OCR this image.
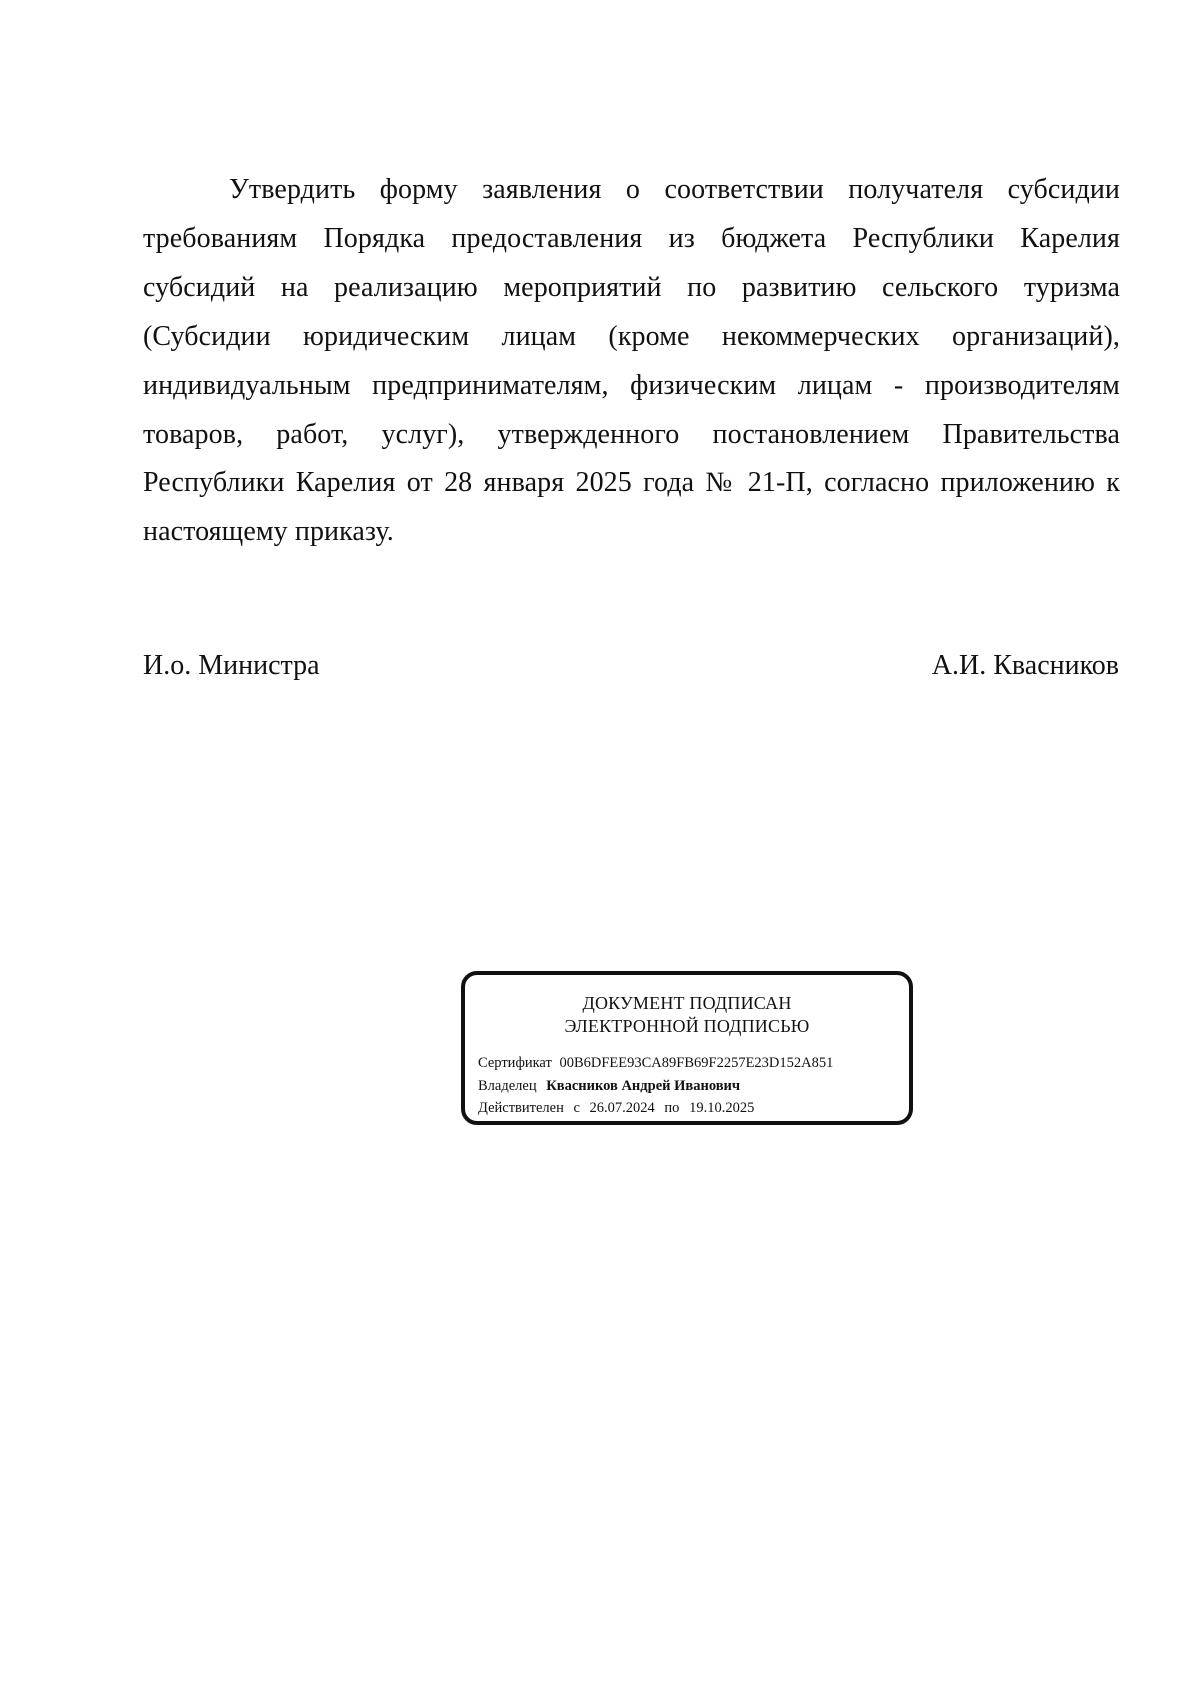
Утвердить форму заявления о соответствии получателя субсидии требованиям Порядка предоставления из бюджета Республики Карелия субсидий на реализацию мероприятий по развитию сельского туризма (Субсидии юридическим лицам (кроме некоммерческих организаций), индивидуальным предпринимателям, физическим лицам - производителям товаров, работ, услуг), утвержденного постановлением Правительства Республики Карелия от 28 января 2025 года № 21-П, согласно приложению к настоящему приказу.

И.о. Министра	А.И. Квасников
ДОКУМЕНТ ПОДПИСАН
ЭЛЕКТРОННОЙ ПОДПИСЬЮ
Сертификат 00B6DFEE93CA89FB69F2257E23D152A851
Владелец Квасников Андрей Иванович
Действителен с 26.07.2024 по 19.10.2025
